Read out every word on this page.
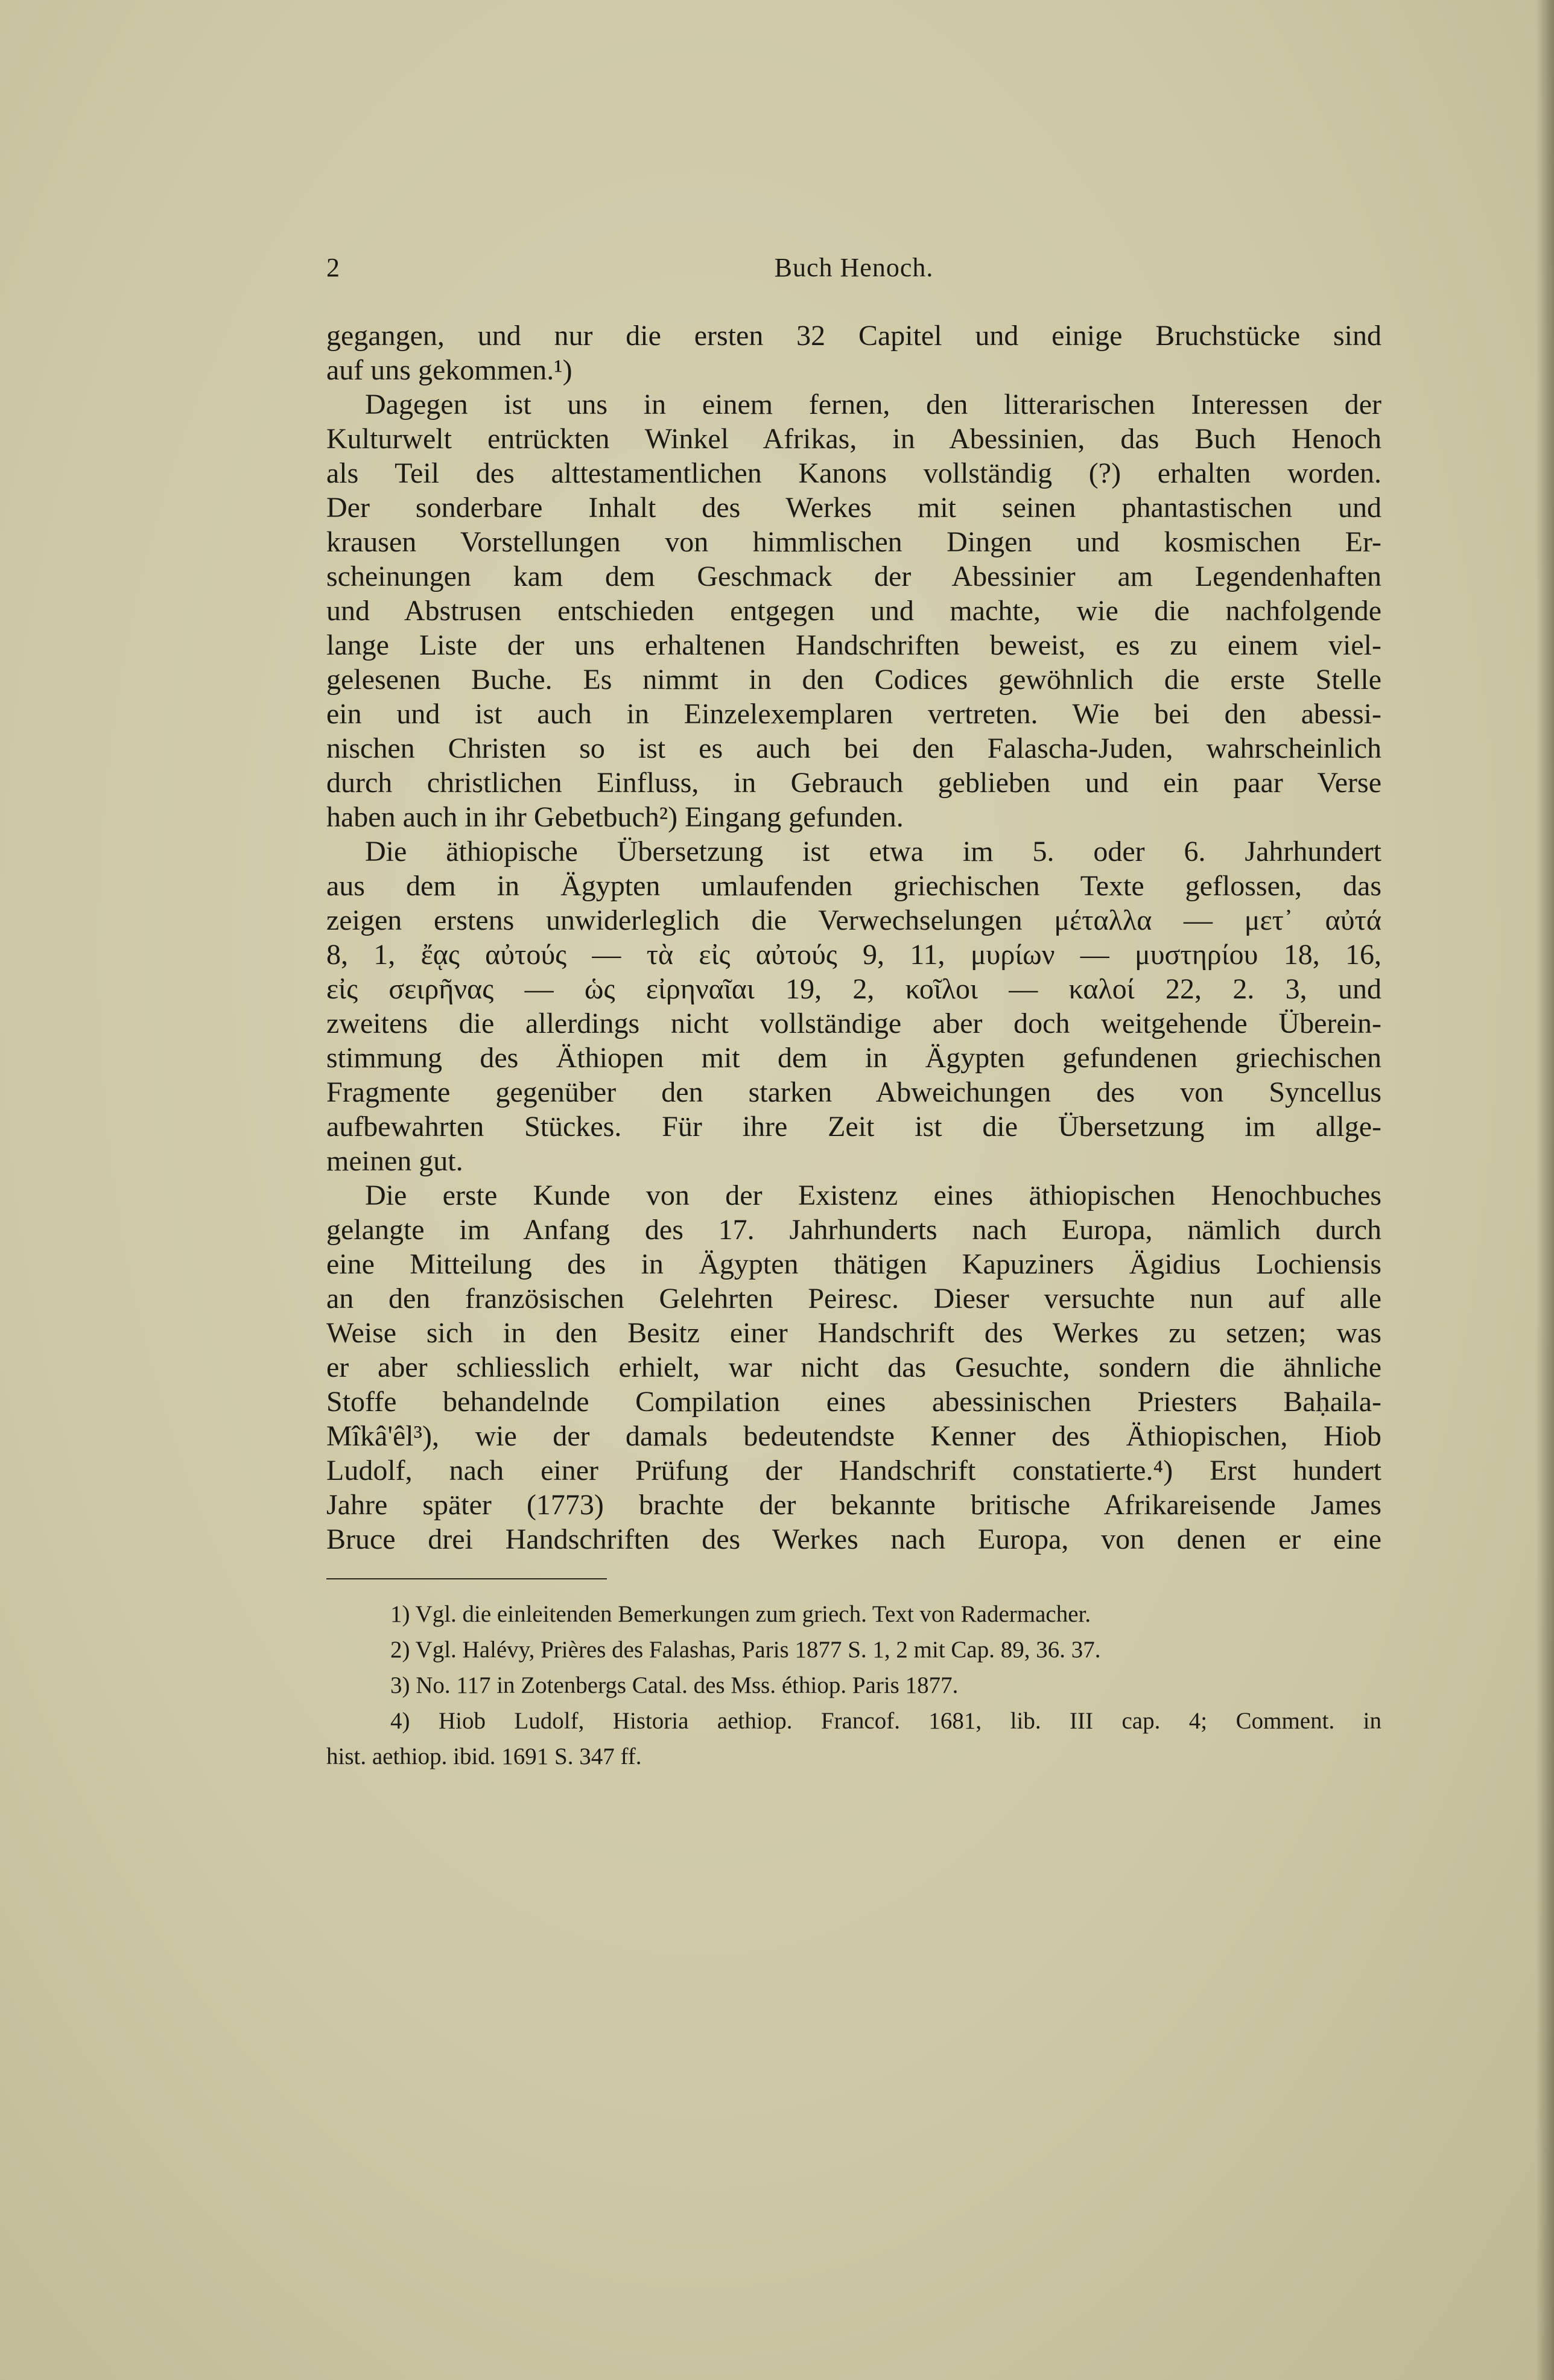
2	Buch Henoch.
gegangen, und nur die ersten 32 Capitel und einige Bruchstücke sind
auf uns gekommen.¹)
Dagegen ist uns in einem fernen, den litterarischen Interessen der
Kulturwelt entrückten Winkel Afrikas, in Abessinien, das Buch Henoch
als Teil des alttestamentlichen Kanons vollständig (?) erhalten worden.
Der sonderbare Inhalt des Werkes mit seinen phantastischen und
krausen Vorstellungen von himmlischen Dingen und kosmischen Er-
scheinungen kam dem Geschmack der Abessinier am Legendenhaften
und Abstrusen entschieden entgegen und machte, wie die nachfolgende
lange Liste der uns erhaltenen Handschriften beweist, es zu einem viel-
gelesenen Buche. Es nimmt in den Codices gewöhnlich die erste Stelle
ein und ist auch in Einzelexemplaren vertreten. Wie bei den abessi-
nischen Christen so ist es auch bei den Falascha-Juden, wahrscheinlich
durch christlichen Einfluss, in Gebrauch geblieben und ein paar Verse
haben auch in ihr Gebetbuch²) Eingang gefunden.
Die äthiopische Übersetzung ist etwa im 5. oder 6. Jahrhundert
aus dem in Ägypten umlaufenden griechischen Texte geflossen, das
zeigen erstens unwiderleglich die Verwechselungen μέταλλα — μετ᾽ αὐτά
8, 1, ἔᾳς αὐτούς — τὰ εἰς αὐτούς 9, 11, μυρίων — μυστηρίου 18, 16,
εἰς σειρῆνας — ὡς εἰρηναῖαι 19, 2, κοῖλοι — καλοί 22, 2. 3, und
zweitens die allerdings nicht vollständige aber doch weitgehende Überein-
stimmung des Äthiopen mit dem in Ägypten gefundenen griechischen
Fragmente gegenüber den starken Abweichungen des von Syncellus
aufbewahrten Stückes. Für ihre Zeit ist die Übersetzung im allge-
meinen gut.
Die erste Kunde von der Existenz eines äthiopischen Henochbuches
gelangte im Anfang des 17. Jahrhunderts nach Europa, nämlich durch
eine Mitteilung des in Ägypten thätigen Kapuziners Ägidius Lochiensis
an den französischen Gelehrten Peiresc. Dieser versuchte nun auf alle
Weise sich in den Besitz einer Handschrift des Werkes zu setzen; was
er aber schliesslich erhielt, war nicht das Gesuchte, sondern die ähnliche
Stoffe behandelnde Compilation eines abessinischen Priesters Baḥaila-
Mîkâ'êl³), wie der damals bedeutendste Kenner des Äthiopischen, Hiob
Ludolf, nach einer Prüfung der Handschrift constatierte.⁴) Erst hundert
Jahre später (1773) brachte der bekannte britische Afrikareisende James
Bruce drei Handschriften des Werkes nach Europa, von denen er eine
1) Vgl. die einleitenden Bemerkungen zum griech. Text von Radermacher.
2) Vgl. Halévy, Prières des Falashas, Paris 1877 S. 1, 2 mit Cap. 89, 36. 37.
3) No. 117 in Zotenbergs Catal. des Mss. éthiop. Paris 1877.
4) Hiob Ludolf, Historia aethiop. Francof. 1681, lib. III cap. 4; Comment. in
hist. aethiop. ibid. 1691 S. 347 ff.
